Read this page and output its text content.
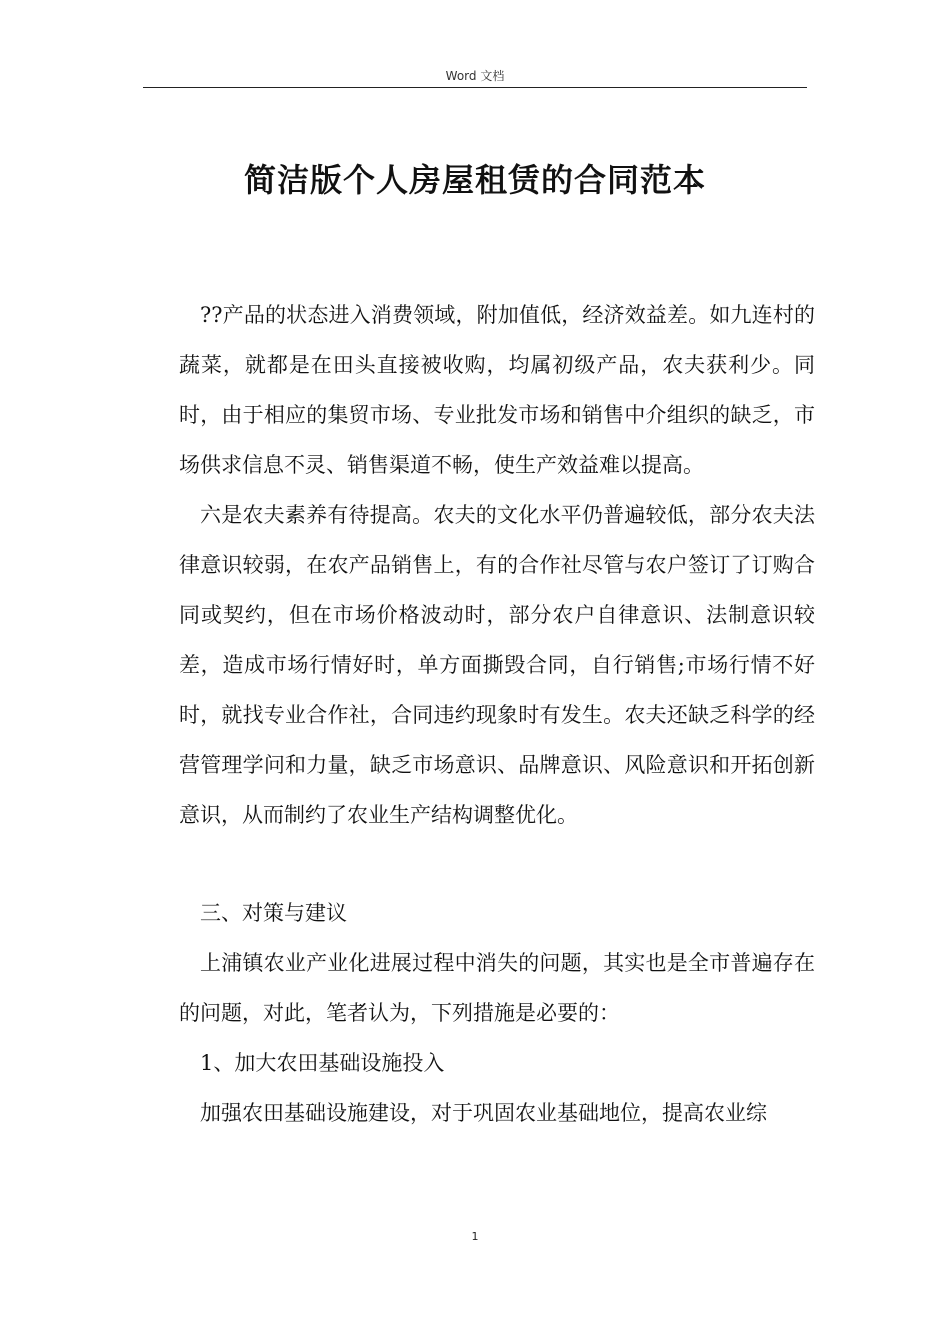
Word 文档
简洁版个人房屋租赁的合同范本

??产品的状态进入消费领域，附加值低，经济效益差。如九连村的蔬菜，就都是在田头直接被收购，均属初级产品，农夫获利少。同时，由于相应的集贸市场、专业批发市场和销售中介组织的缺乏，市场供求信息不灵、销售渠道不畅，使生产效益难以提高。

六是农夫素养有待提高。农夫的文化水平仍普遍较低，部分农夫法律意识较弱，在农产品销售上，有的合作社尽管与农户签订了订购合同或契约，但在市场价格波动时，部分农户自律意识、法制意识较差，造成市场行情好时，单方面撕毁合同，自行销售;市场行情不好时，就找专业合作社，合同违约现象时有发生。农夫还缺乏科学的经营管理学问和力量，缺乏市场意识、品牌意识、风险意识和开拓创新意识，从而制约了农业生产结构调整优化。

三、对策与建议

上浦镇农业产业化进展过程中消失的问题，其实也是全市普遍存在的问题，对此，笔者认为，下列措施是必要的：

1、加大农田基础设施投入

加强农田基础设施建设，对于巩固农业基础地位，提高农业综

1
